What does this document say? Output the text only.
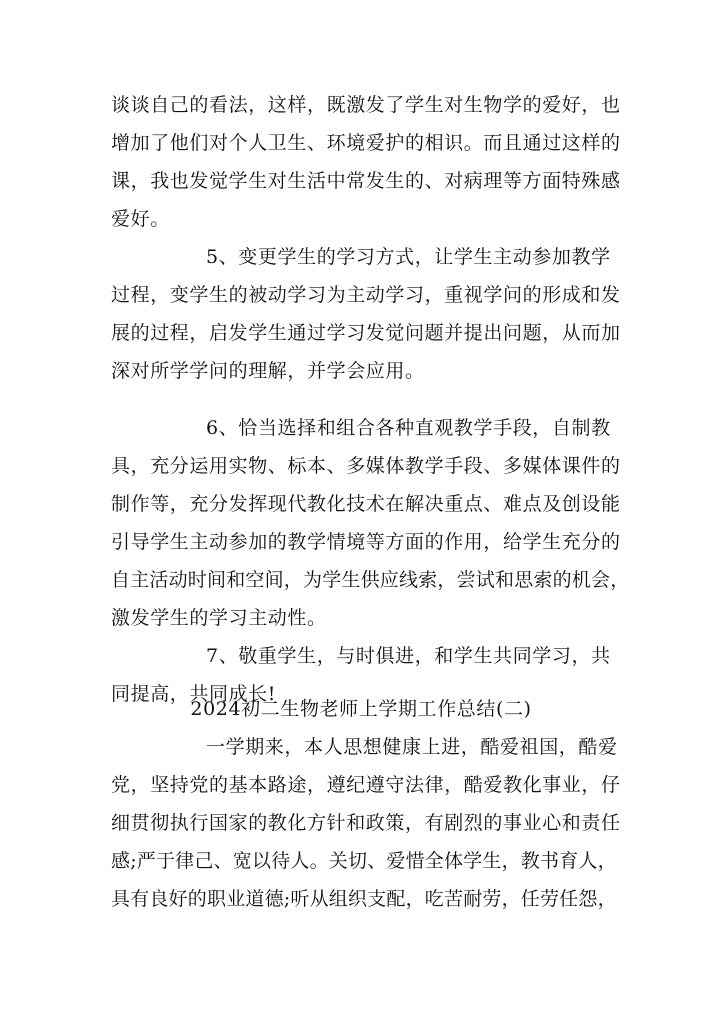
谈谈自己的看法，这样，既激发了学生对生物学的爱好，也
增加了他们对个人卫生、环境爱护的相识。而且通过这样的
课，我也发觉学生对生活中常发生的、对病理等方面特殊感
爱好。
5、变更学生的学习方式，让学生主动参加教学
过程，变学生的被动学习为主动学习，重视学问的形成和发
展的过程，启发学生通过学习发觉问题并提出问题，从而加
深对所学学问的理解，并学会应用。
6、恰当选择和组合各种直观教学手段，自制教
具，充分运用实物、标本、多媒体教学手段、多媒体课件的
制作等，充分发挥现代教化技术在解决重点、难点及创设能
引导学生主动参加的教学情境等方面的作用，给学生充分的
自主活动时间和空间，为学生供应线索，尝试和思索的机会，
激发学生的学习主动性。
7、敬重学生，与时俱进，和学生共同学习，共
同提高，共同成长!
2024初二生物老师上学期工作总结(二)
一学期来，本人思想健康上进，酷爱祖国，酷爱
党，坚持党的基本路途，遵纪遵守法律，酷爱教化事业，仔
细贯彻执行国家的教化方针和政策，有剧烈的事业心和责任
感;严于律己、宽以待人。关切、爱惜全体学生，教书育人，
具有良好的职业道德;听从组织支配，吃苦耐劳，任劳任怨，
